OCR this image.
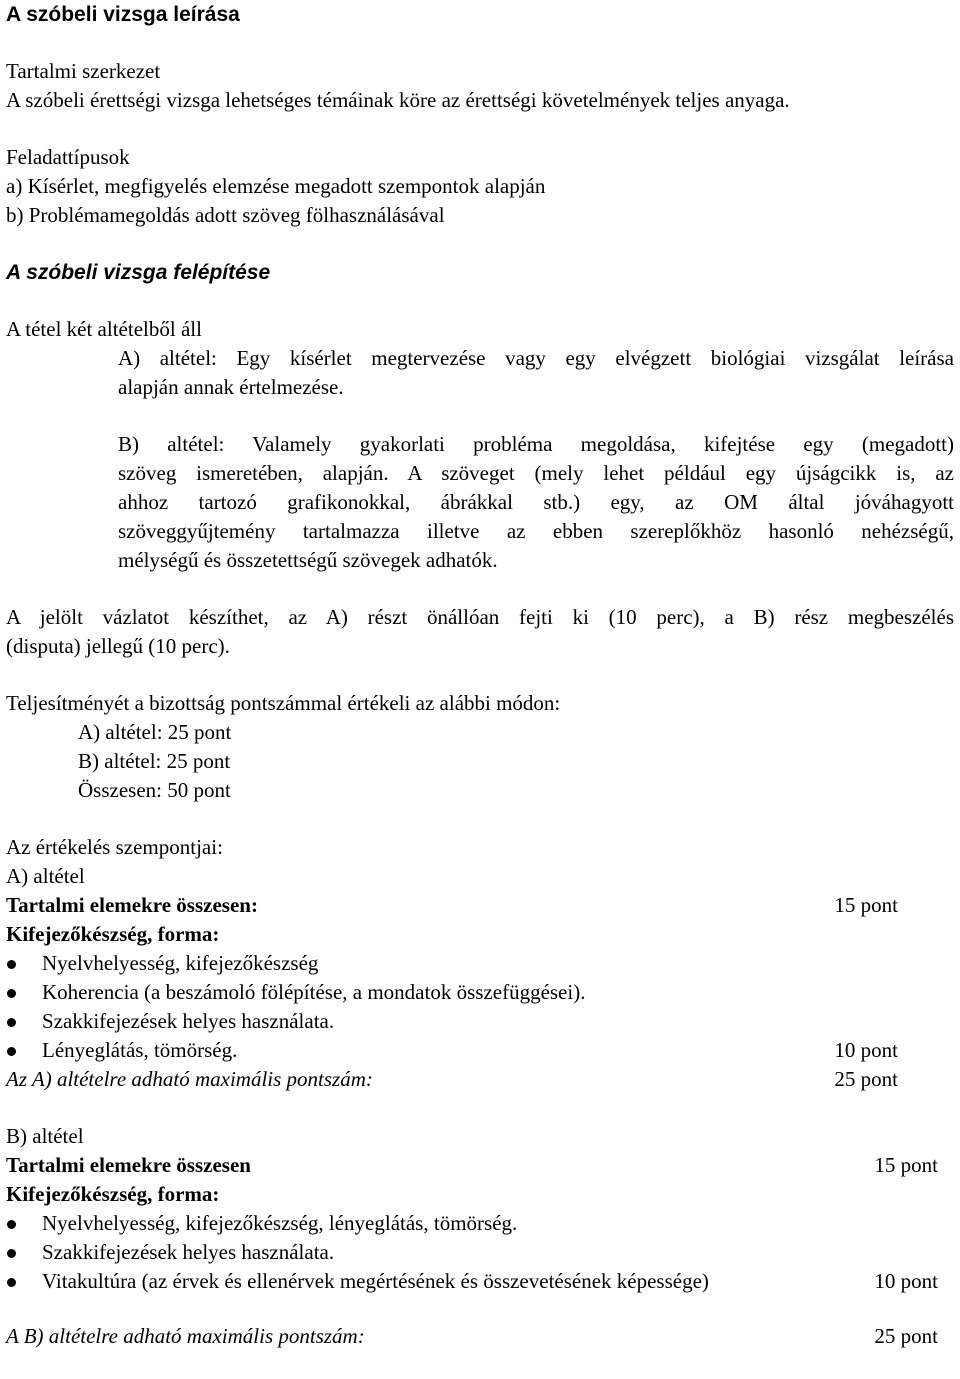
A szóbeli vizsga leírása
Tartalmi szerkezet
A szóbeli érettségi vizsga lehetséges témáinak köre az érettségi követelmények teljes anyaga.
Feladattípusok
a) Kísérlet, megfigyelés elemzése megadott szempontok alapján
b) Problémamegoldás adott szöveg fölhasználásával
A szóbeli vizsga felépítése
A tétel két altételből áll
A) altétel: Egy kísérlet megtervezése vagy egy elvégzett biológiai vizsgálat leírása
alapján annak értelmezése.
B) altétel: Valamely gyakorlati probléma megoldása, kifejtése egy (megadott)
szöveg ismeretében, alapján. A szöveget (mely lehet például egy újságcikk is, az
ahhoz tartozó grafikonokkal, ábrákkal stb.) egy, az OM által jóváhagyott
szöveggyűjtemény tartalmazza illetve az ebben szereplőkhöz hasonló nehézségű,
mélységű és összetettségű szövegek adhatók.
A jelölt vázlatot készíthet, az A) részt önállóan fejti ki (10 perc), a B) rész megbeszélés
(disputa) jellegű (10 perc).
Teljesítményét a bizottság pontszámmal értékeli az alábbi módon:
A) altétel: 25 pont
B) altétel: 25 pont
Összesen: 50 pont
Az értékelés szempontjai:
A) altétel
Tartalmi elemekre összesen:	15 pont
Kifejezőkészség, forma:
Nyelvhelyesség, kifejezőkészség
Koherencia (a beszámoló fölépítése, a mondatok összefüggései).
Szakkifejezések helyes használata.
Lényeglátás, tömörség.	10 pont
Az A) altételre adható maximális pontszám:	25 pont
B) altétel
Tartalmi elemekre összesen	15 pont
Kifejezőkészség, forma:
Nyelvhelyesség, kifejezőkészség, lényeglátás, tömörség.
Szakkifejezések helyes használata.
Vitakultúra (az érvek és ellenérvek megértésének és összevetésének képessége)	10 pont
A B) altételre adható maximális pontszám:	25 pont
